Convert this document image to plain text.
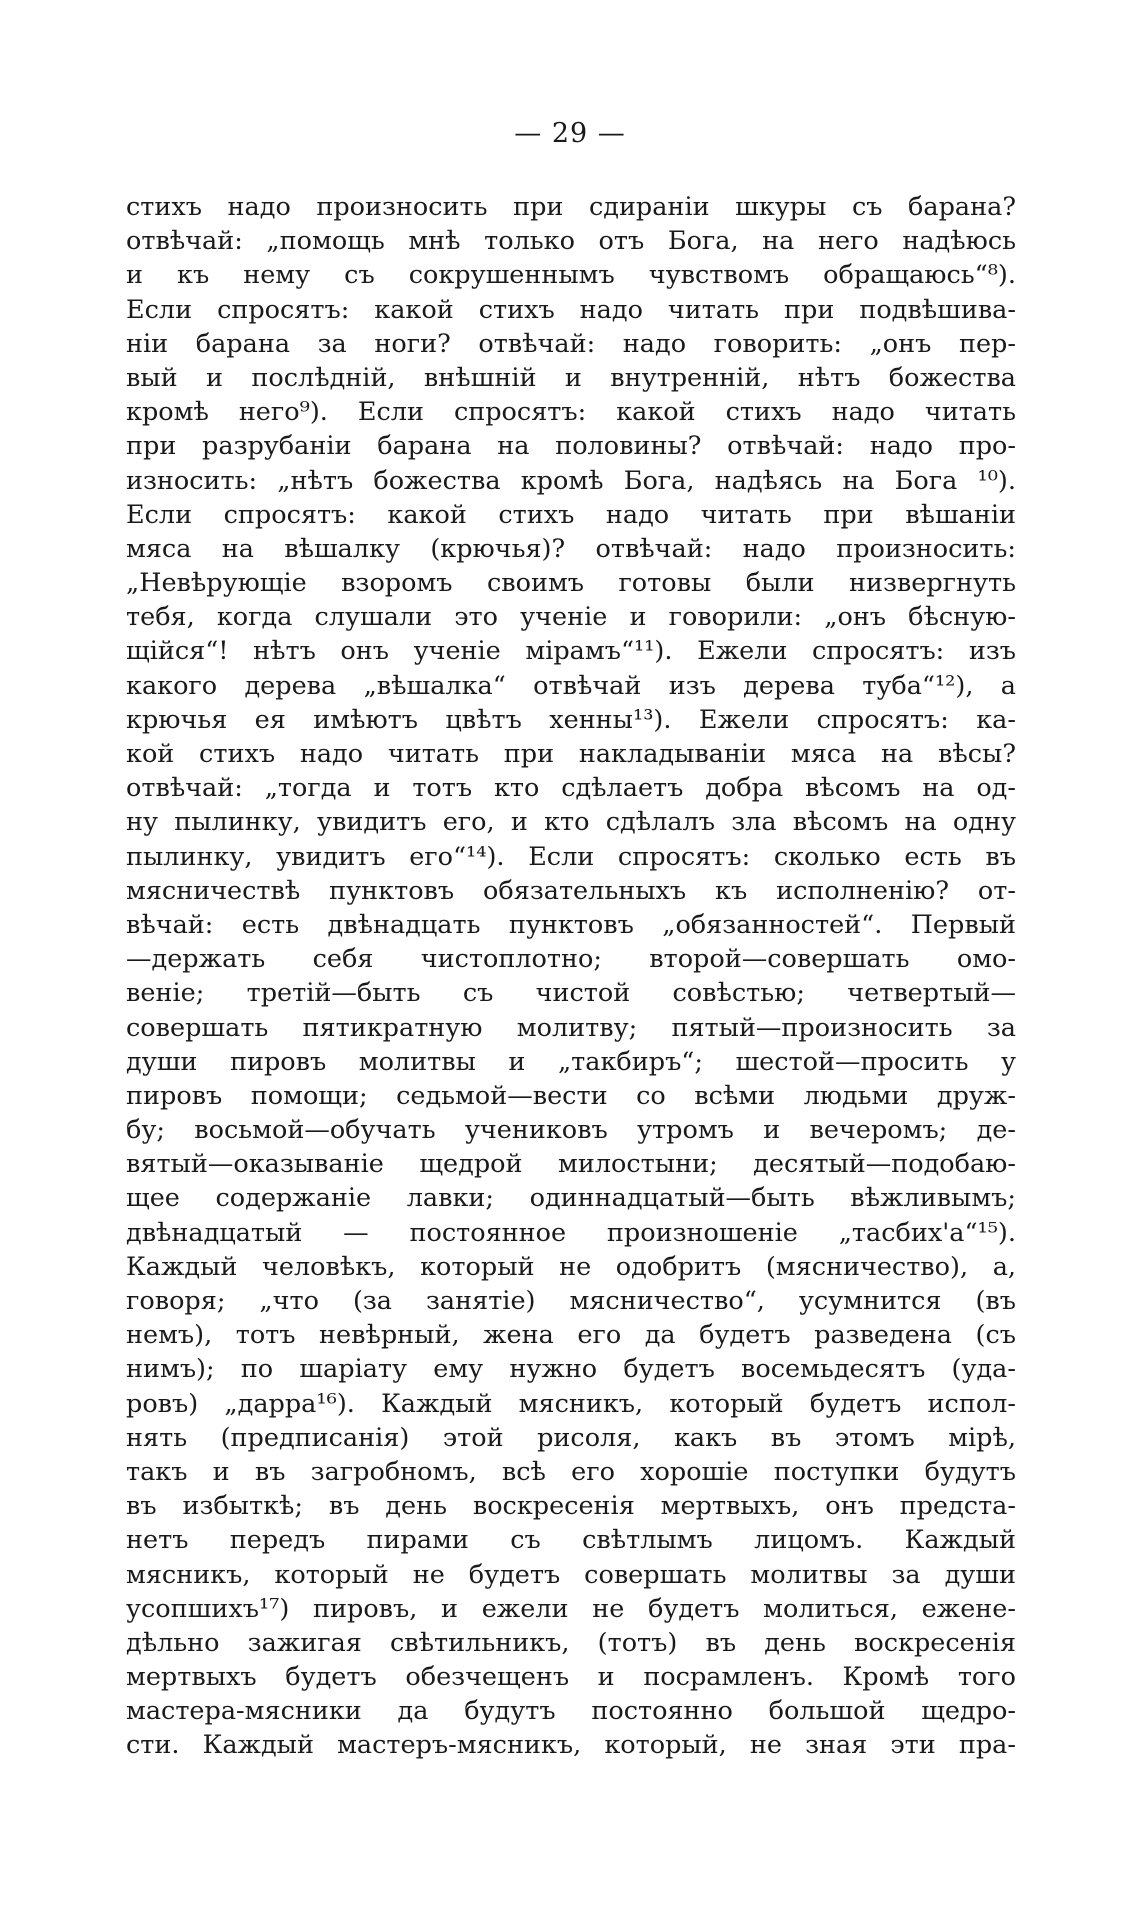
— 29 —
стихъ надо произносить при сдираніи шкуры съ барана?
отвѣчай: „помощь мнѣ только отъ Бога, на него надѣюсь
и къ нему съ сокрушеннымъ чувствомъ обращаюсь“⁸).
Если спросятъ: какой стихъ надо читать при подвѣшива-
ніи барана за ноги? отвѣчай: надо говорить: „онъ пер-
вый и послѣдній, внѣшній и внутренній, нѣтъ божества
кромѣ него⁹). Если спросятъ: какой стихъ надо читать
при разрубаніи барана на половины? отвѣчай: надо про-
износить: „нѣтъ божества кромѣ Бога, надѣясь на Бога ¹⁰).
Если спросятъ: какой стихъ надо читать при вѣшаніи
мяса на вѣшалку (крючья)? отвѣчай: надо произносить:
„Невѣрующіе взоромъ своимъ готовы были низвергнуть
тебя, когда слушали это ученіе и говорили: „онъ бѣсную-
щійся“! нѣтъ онъ ученіе мірамъ“¹¹). Ежели спросятъ: изъ
какого дерева „вѣшалка“ отвѣчай изъ дерева туба“¹²), а
крючья ея имѣютъ цвѣтъ хенны¹³). Ежели спросятъ: ка-
кой стихъ надо читать при накладываніи мяса на вѣсы?
отвѣчай: „тогда и тотъ кто сдѣлаетъ добра вѣсомъ на од-
ну пылинку, увидитъ его, и кто сдѣлалъ зла вѣсомъ на одну
пылинку, увидитъ его“¹⁴). Если спросятъ: сколько есть въ
мясничествѣ пунктовъ обязательныхъ къ исполненію? от-
вѣчай: есть двѣнадцать пунктовъ „обязанностей“. Первый
—держать себя чистоплотно; второй—совершать омо-
веніе; третій—быть съ чистой совѣстью; четвертый—
совершать пятикратную молитву; пятый—произносить за
души пировъ молитвы и „такбиръ“; шестой—просить у
пировъ помощи; седьмой—вести со всѣми людьми друж-
бу; восьмой—обучать учениковъ утромъ и вечеромъ; де-
вятый—оказываніе щедрой милостыни; десятый—подобаю-
щее содержаніе лавки; одиннадцатый—быть вѣжливымъ;
двѣнадцатый — постоянное произношеніе „тасбих'а“¹⁵).
Каждый человѣкъ, который не одобритъ (мясничество), а,
говоря; „что (за занятіе) мясничество“, усумнится (въ
немъ), тотъ невѣрный, жена его да будетъ разведена (съ
нимъ); по шаріату ему нужно будетъ восемьдесятъ (уда-
ровъ) „дарра¹⁶). Каждый мясникъ, который будетъ испол-
нять (предписанія) этой рисоля, какъ въ этомъ мірѣ,
такъ и въ загробномъ, всѣ его хорошіе поступки будутъ
въ избыткѣ; въ день воскресенія мертвыхъ, онъ предста-
нетъ передъ пирами съ свѣтлымъ лицомъ. Каждый
мясникъ, который не будетъ совершать молитвы за души
усопшихъ¹⁷) пировъ, и ежели не будетъ молиться, еженe-
дѣльно зажигая свѣтильникъ, (тотъ) въ день воскресенія
мертвыхъ будетъ обезчещенъ и посрамленъ. Кромѣ того
мастера-мясники да будутъ постоянно большой щедро-
сти. Каждый мастеръ-мясникъ, который, не зная эти пра-
